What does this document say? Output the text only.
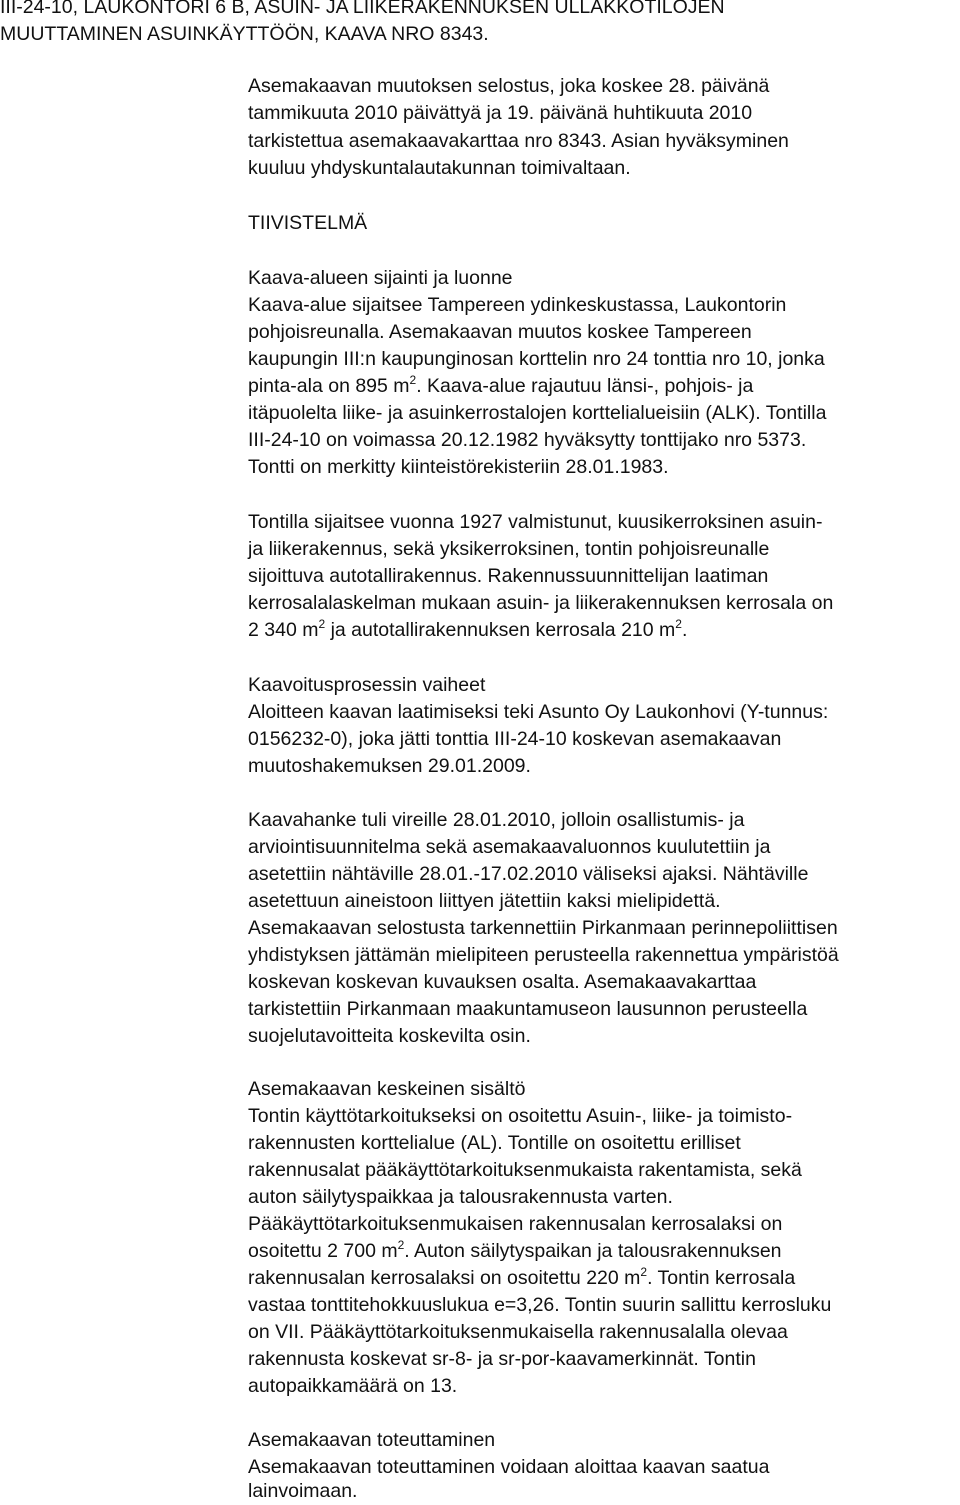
III-24-10, LAUKONTORI 6 B, ASUIN- JA LIIKERAKENNUKSEN ULLAKKOTILOJEN

MUUTTAMINEN ASUINKÄYTTÖÖN, KAAVA NRO 8343.

Asemakaavan muutoksen selostus, joka koskee 28. päivänä

tammikuuta 2010 päivättyä ja 19. päivänä huhtikuuta 2010

tarkistettua asemakaavakarttaa nro 8343. Asian hyväksyminen

kuuluu yhdyskuntalautakunnan toimivaltaan.

TIIVISTELMÄ

Kaava-alueen sijainti ja luonne

Kaava-alue sijaitsee Tampereen ydinkeskustassa, Laukontorin

pohjoisreunalla. Asemakaavan muutos koskee Tampereen

kaupungin III:n kaupunginosan korttelin nro 24 tonttia nro 10, jonka

pinta-ala on 895 $m^2$. Kaava-alue rajautuu länsi-, pohjois- ja

itäpuolelta liike- ja asuinkerrostalojen korttelialueisiin (ALK). Tontilla

III-24-10 on voimassa 20.12.1982 hyväksytty tonttijako nro 5373.

Tontti on merkitty kiinteistörekisteriin 28.01.1983.

Tontilla sijaitsee vuonna 1927 valmistunut, kuusikerroksinen asuin-

ja liikerakennus, sekä yksikerroksinen, tontin pohjoisreunalle

sijoittuva autotallirakennus. Rakennussuunnittelijan laatiman

kerrosalalaskelman mukaan asuin- ja liikerakennuksen kerrosala on

2 340 $m^2$ ja autotallirakennuksen kerrosala 210 $m^2$.

Kaavoitusprosessin vaiheet

Aloitteen kaavan laatimiseksi teki Asunto Oy Laukonhovi (Y-tunnus:

0156232-0), joka jätti tonttia III-24-10 koskevan asemakaavan

muutoshakemuksen 29.01.2009.

Kaavahanke tuli vireille 28.01.2010, jolloin osallistumis- ja

arviointisuunnitelma sekä asemakaavaluonnos kuulutettiin ja

asetettiin nähtäville 28.01.-17.02.2010 väliseksi ajaksi. Nähtäville

asetettuun aineistoon liittyen jätettiin kaksi mielipidettä.

Asemakaavan selostusta tarkennettiin Pirkanmaan perinnepoliittisen

yhdistyksen jättämän mielipiteen perusteella rakennettua ympäristöä

koskevan koskevan kuvauksen osalta. Asemakaavakarttaa

tarkistettiin Pirkanmaan maakuntamuseon lausunnon perusteella

suojelutavoitteita koskevilta osin.

Asemakaavan keskeinen sisältö

Tontin käyttötarkoitukseksi on osoitettu Asuin-, liike- ja toimisto-

rakennusten korttelialue (AL). Tontille on osoitettu erilliset

rakennusalat pääkäyttötarkoituksenmukaista rakentamista, sekä

auton säilytyspaikkaa ja talousrakennusta varten.

Pääkäyttötarkoituksenmukaisen rakennusalan kerrosalaksi on

osoitettu 2 700 $m^2$. Auton säilytyspaikan ja talousrakennuksen

rakennusalan kerrosalaksi on osoitettu 220 $m^2$. Tontin kerrosala

vastaa tonttitehokkuuslukua e=3,26. Tontin suurin sallittu kerrosluku

on VII. Pääkäyttötarkoituksenmukaisella rakennusalalla olevaa

rakennusta koskevat sr-8- ja sr-por-kaavamerkinnät. Tontin

autopaikkamäärä on 13.

Asemakaavan toteuttaminen

Asemakaavan toteuttaminen voidaan aloittaa kaavan saatua

lainvoimaan.
